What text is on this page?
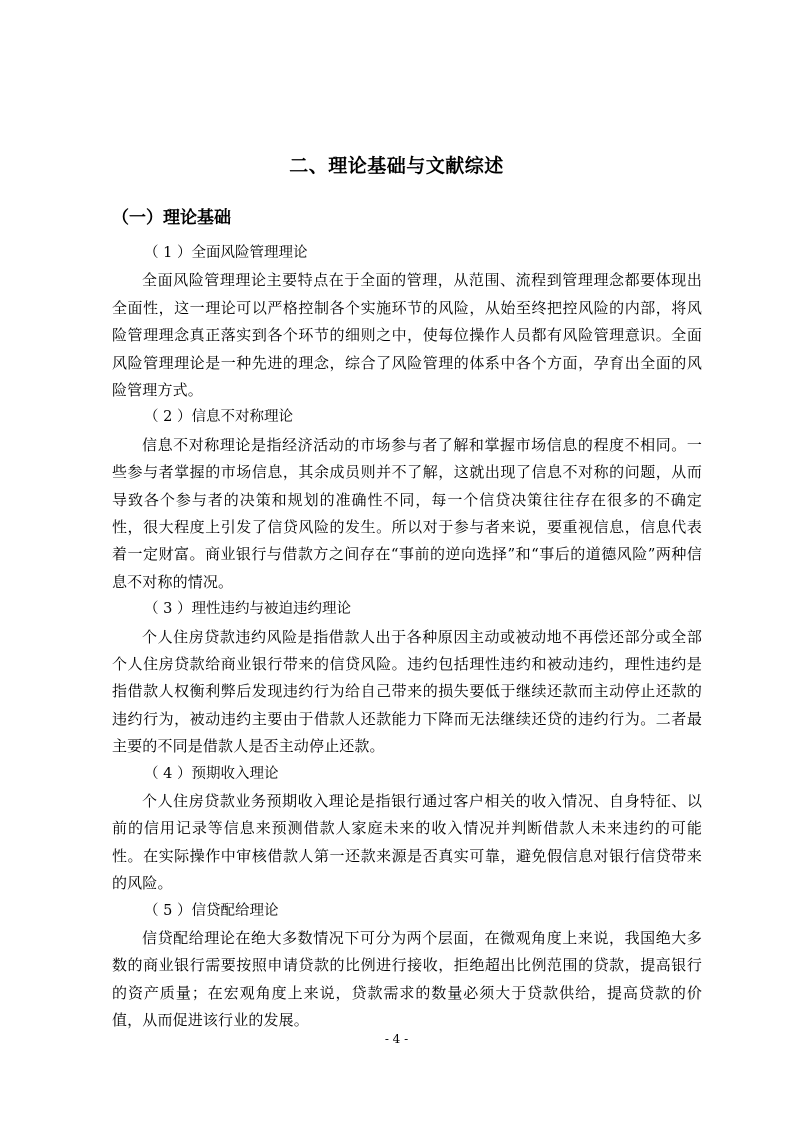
二、理论基础与文献综述
（一）理论基础

（ 1 ）全面风险管理理论

全面风险管理理论主要特点在于全面的管理，从范围、流程到管理理念都要体现出全面性，这一理论可以严格控制各个实施环节的风险，从始至终把控风险的内部，将风险管理理念真正落实到各个环节的细则之中，使每位操作人员都有风险管理意识。全面风险管理理论是一种先进的理念，综合了风险管理的体系中各个方面，孕育出全面的风险管理方式。

（ 2 ）信息不对称理论

信息不对称理论是指经济活动的市场参与者了解和掌握市场信息的程度不相同。一些参与者掌握的市场信息，其余成员则并不了解，这就出现了信息不对称的问题，从而导致各个参与者的决策和规划的准确性不同，每一个信贷决策往往存在很多的不确定性，很大程度上引发了信贷风险的发生。所以对于参与者来说，要重视信息，信息代表着一定财富。商业银行与借款方之间存在“事前的逆向选择”和“事后的道德风险”两种信息不对称的情况。

（ 3 ）理性违约与被迫违约理论

个人住房贷款违约风险是指借款人出于各种原因主动或被动地不再偿还部分或全部个人住房贷款给商业银行带来的信贷风险。违约包括理性违约和被动违约，理性违约是指借款人权衡利弊后发现违约行为给自己带来的损失要低于继续还款而主动停止还款的违约行为，被动违约主要由于借款人还款能力下降而无法继续还贷的违约行为。二者最主要的不同是借款人是否主动停止还款。

（ 4 ）预期收入理论

个人住房贷款业务预期收入理论是指银行通过客户相关的收入情况、自身特征、以前的信用记录等信息来预测借款人家庭未来的收入情况并判断借款人未来违约的可能性。在实际操作中审核借款人第一还款来源是否真实可靠，避免假信息对银行信贷带来的风险。

（ 5 ）信贷配给理论

信贷配给理论在绝大多数情况下可分为两个层面，在微观角度上来说，我国绝大多数的商业银行需要按照申请贷款的比例进行接收，拒绝超出比例范围的贷款，提高银行的资产质量；在宏观角度上来说，贷款需求的数量必须大于贷款供给，提高贷款的价值，从而促进该行业的发展。

- 4 -
